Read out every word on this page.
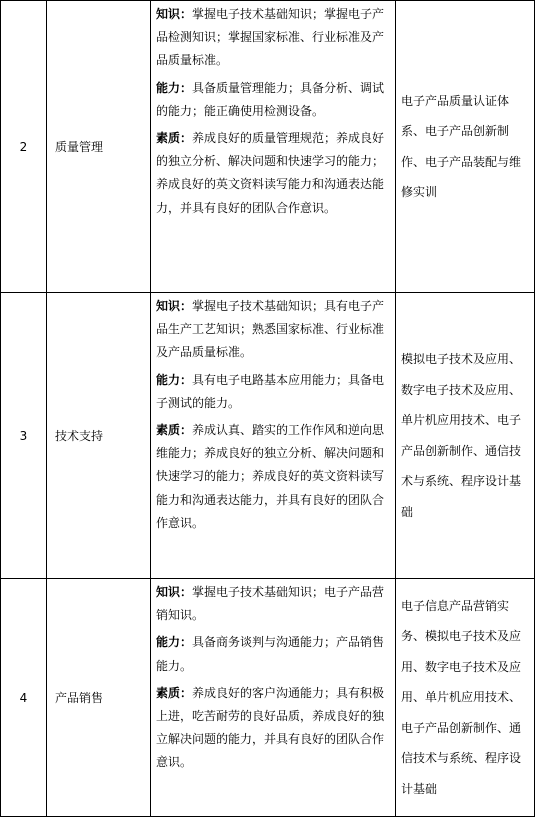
2	质量管理	知识：掌握电子技术基础知识；掌握电子产品检测知识；掌握国家标准、行业标准及产品质量标准。
能力：具备质量管理能力；具备分析、调试的能力；能正确使用检测设备。
素质：养成良好的质量管理规范；养成良好的独立分析、解决问题和快速学习的能力；养成良好的英文资料读写能力和沟通表达能力，并具有良好的团队合作意识。	电子产品质量认证体系、电子产品创新制作、电子产品装配与维修实训
3	技术支持	知识：掌握电子技术基础知识；具有电子产品生产工艺知识；熟悉国家标准、行业标准及产品质量标准。
能力：具有电子电路基本应用能力；具备电子测试的能力。
素质：养成认真、踏实的工作作风和逆向思维能力；养成良好的独立分析、解决问题和快速学习的能力；养成良好的英文资料读写能力和沟通表达能力，并具有良好的团队合作意识。	模拟电子技术及应用、数字电子技术及应用、单片机应用技术、电子产品创新制作、通信技术与系统、程序设计基础
4	产品销售	知识：掌握电子技术基础知识；电子产品营销知识。
能力：具备商务谈判与沟通能力；产品销售能力。
素质：养成良好的客户沟通能力；具有积极上进，吃苦耐劳的良好品质，养成良好的独立解决问题的能力，并具有良好的团队合作意识。	电子信息产品营销实务、模拟电子技术及应用、数字电子技术及应用、单片机应用技术、电子产品创新制作、通信技术与系统、程序设计基础
